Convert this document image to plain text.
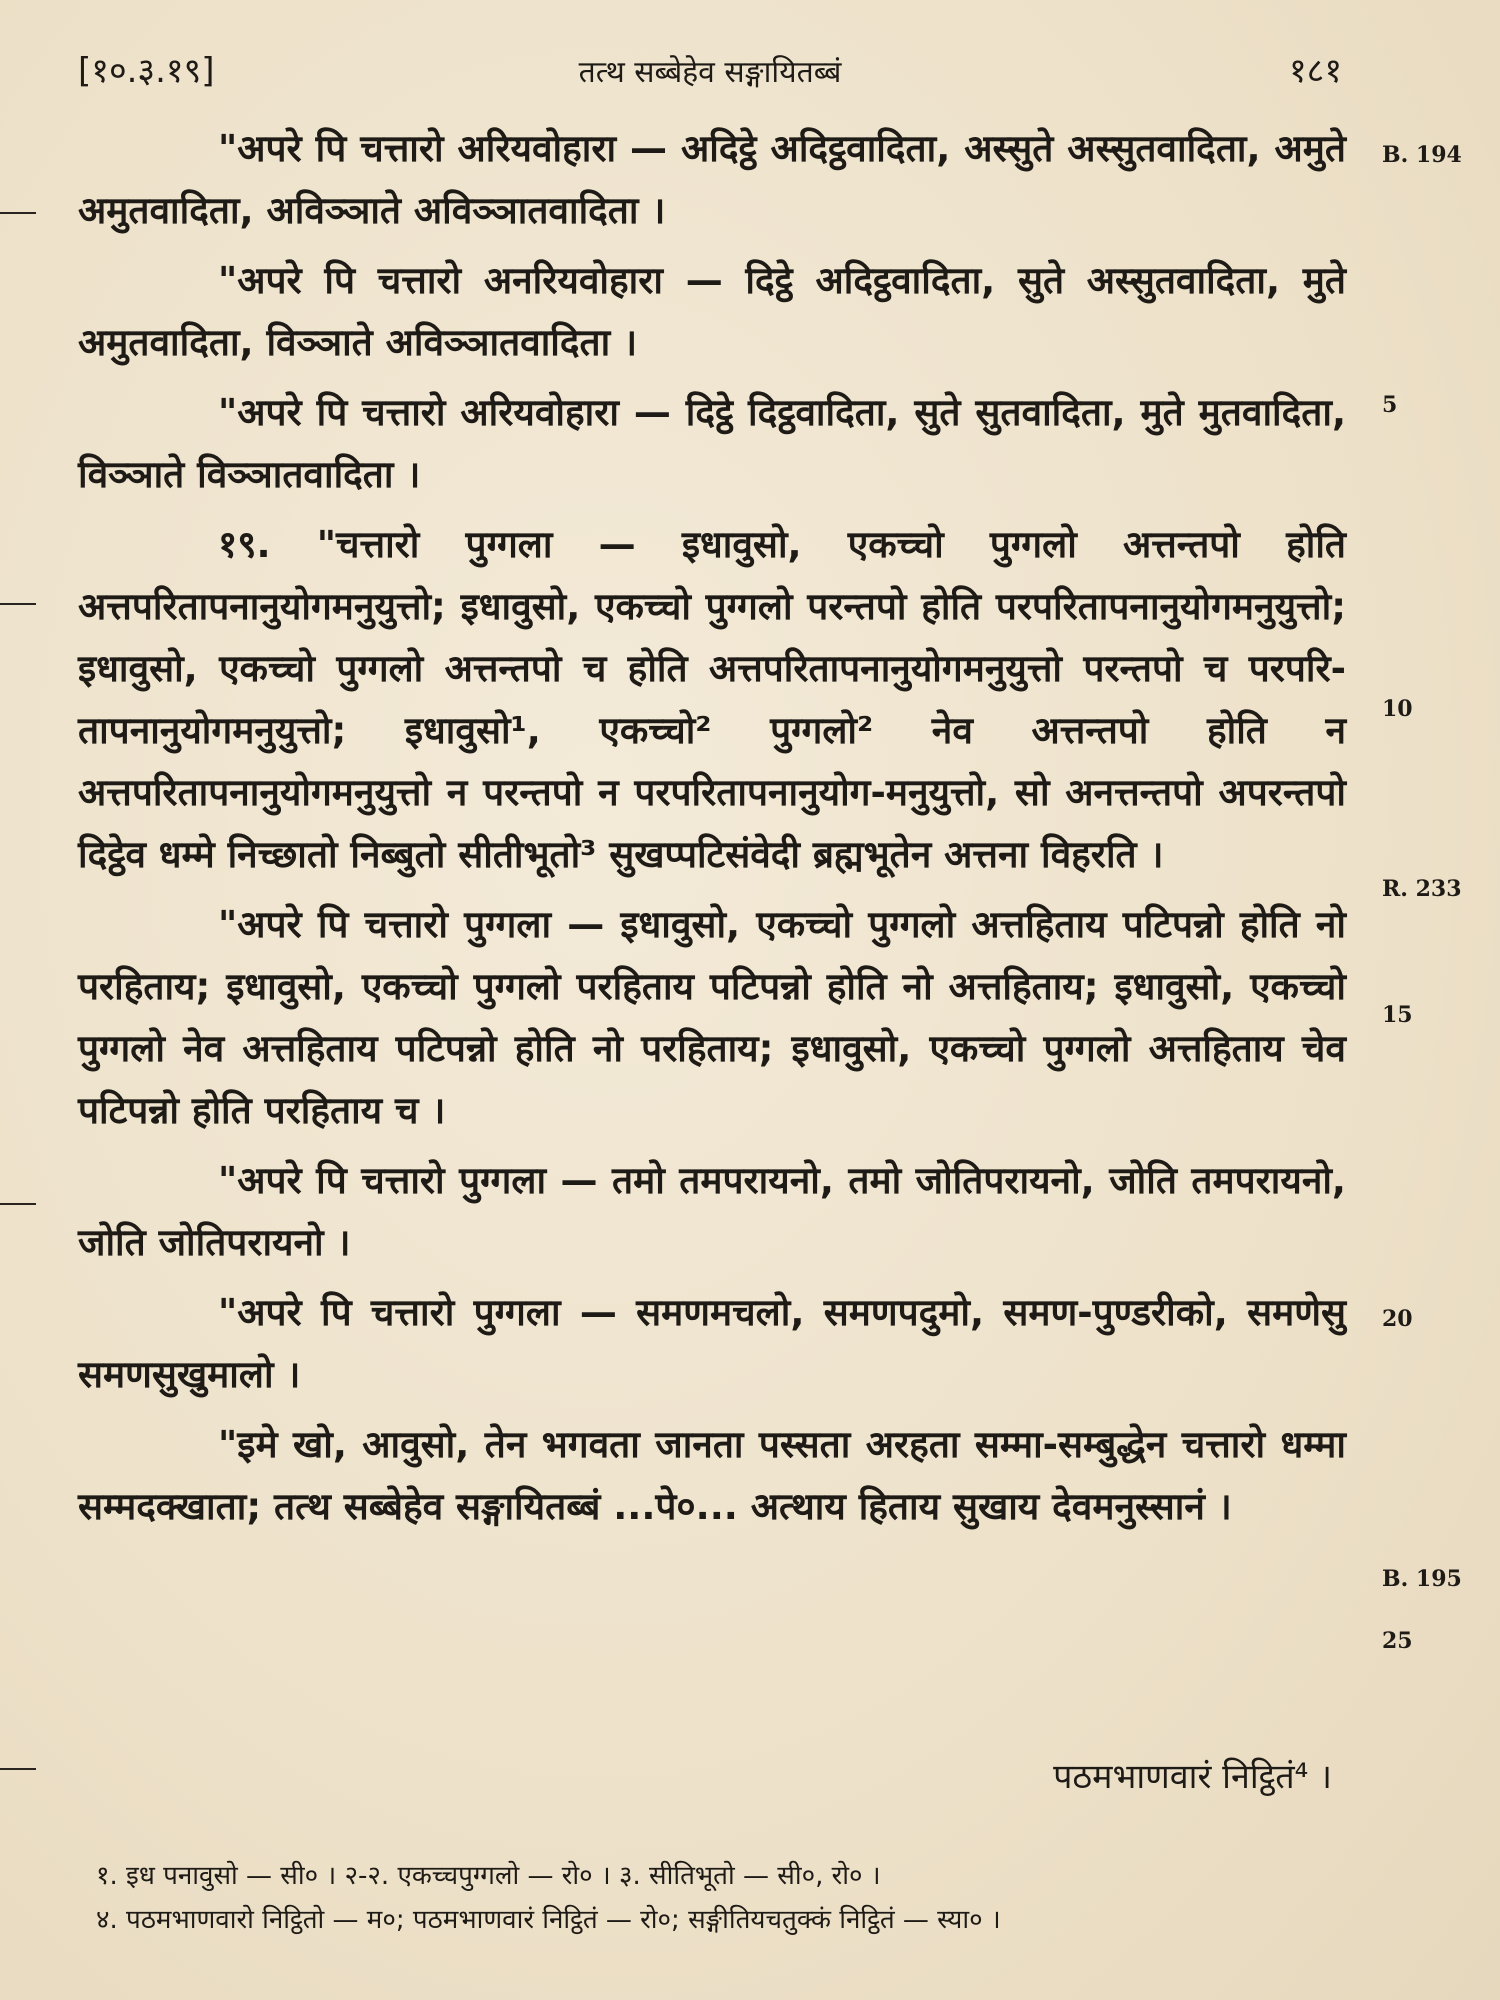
[१०.३.१९]	तत्थ सब्बेहेव सङ्गायितब्बं	१८१

"अपरे पि चत्तारो अरियवोहारा — अदिट्ठे अदिट्ठवादिता, अस्सुते अस्सुतवादिता, अमुते अमुतवादिता, अविञ्ञाते अविञ्ञातवादिता ।

"अपरे पि चत्तारो अनरियवोहारा — दिट्ठे अदिट्ठवादिता, सुते अस्सुतवादिता, मुते अमुतवादिता, विञ्ञाते अविञ्ञातवादिता ।

"अपरे पि चत्तारो अरियवोहारा — दिट्ठे दिट्ठवादिता, सुते सुतवादिता, मुते मुतवादिता, विञ्ञाते विञ्ञातवादिता ।

१९. "चत्तारो पुग्गला — इधावुसो, एकच्चो पुग्गलो अत्तन्तपो होति अत्तपरितापनानुयोगमनुयुत्तो; इधावुसो, एकच्चो पुग्गलो परन्तपो होति परपरितापनानुयोगमनुयुत्तो; इधावुसो, एकच्चो पुग्गलो अत्तन्तपो च होति अत्तपरितापनानुयोगमनुयुत्तो परन्तपो च परपरि-तापनानुयोगमनुयुत्तो; इधावुसो¹, एकच्चो² पुग्गलो² नेव अत्तन्तपो होति न अत्तपरितापनानुयोगमनुयुत्तो न परन्तपो न परपरितापनानुयोग-मनुयुत्तो, सो अनत्तन्तपो अपरन्तपो दिट्ठेव धम्मे निच्छातो निब्बुतो सीतीभूतो³ सुखप्पटिसंवेदी ब्रह्मभूतेन अत्तना विहरति ।

"अपरे पि चत्तारो पुग्गला — इधावुसो, एकच्चो पुग्गलो अत्तहिताय पटिपन्नो होति नो परहिताय; इधावुसो, एकच्चो पुग्गलो परहिताय पटिपन्नो होति नो अत्तहिताय; इधावुसो, एकच्चो पुग्गलो नेव अत्तहिताय पटिपन्नो होति नो परहिताय; इधावुसो, एकच्चो पुग्गलो अत्तहिताय चेव पटिपन्नो होति परहिताय च ।

"अपरे पि चत्तारो पुग्गला — तमो तमपरायनो, तमो जोतिपरायनो, जोति तमपरायनो, जोति जोतिपरायनो ।

"अपरे पि चत्तारो पुग्गला — समणमचलो, समणपदुमो, समण-पुण्डरीको, समणेसु समणसुखुमालो ।

"इमे खो, आवुसो, तेन भगवता जानता पस्सता अरहता सम्मा-सम्बुद्धेन चत्तारो धम्मा सम्मदक्खाता; तत्थ सब्बेहेव सङ्गायितब्बं ...पे०... अत्थाय हिताय सुखाय देवमनुस्सानं ।

B. 194
5
10
R. 233
15
20
B. 195
25
पठमभाणवारं निट्ठितं⁴ ।

१. इध पनावुसो — सी० । २-२. एकच्चपुग्गलो — रो० । ३. सीतिभूतो — सी०, रो० ।

४. पठमभाणवारो निट्ठितो — म०; पठमभाणवारं निट्ठितं — रो०; सङ्गीतियचतुक्कं निट्ठितं — स्या० ।
